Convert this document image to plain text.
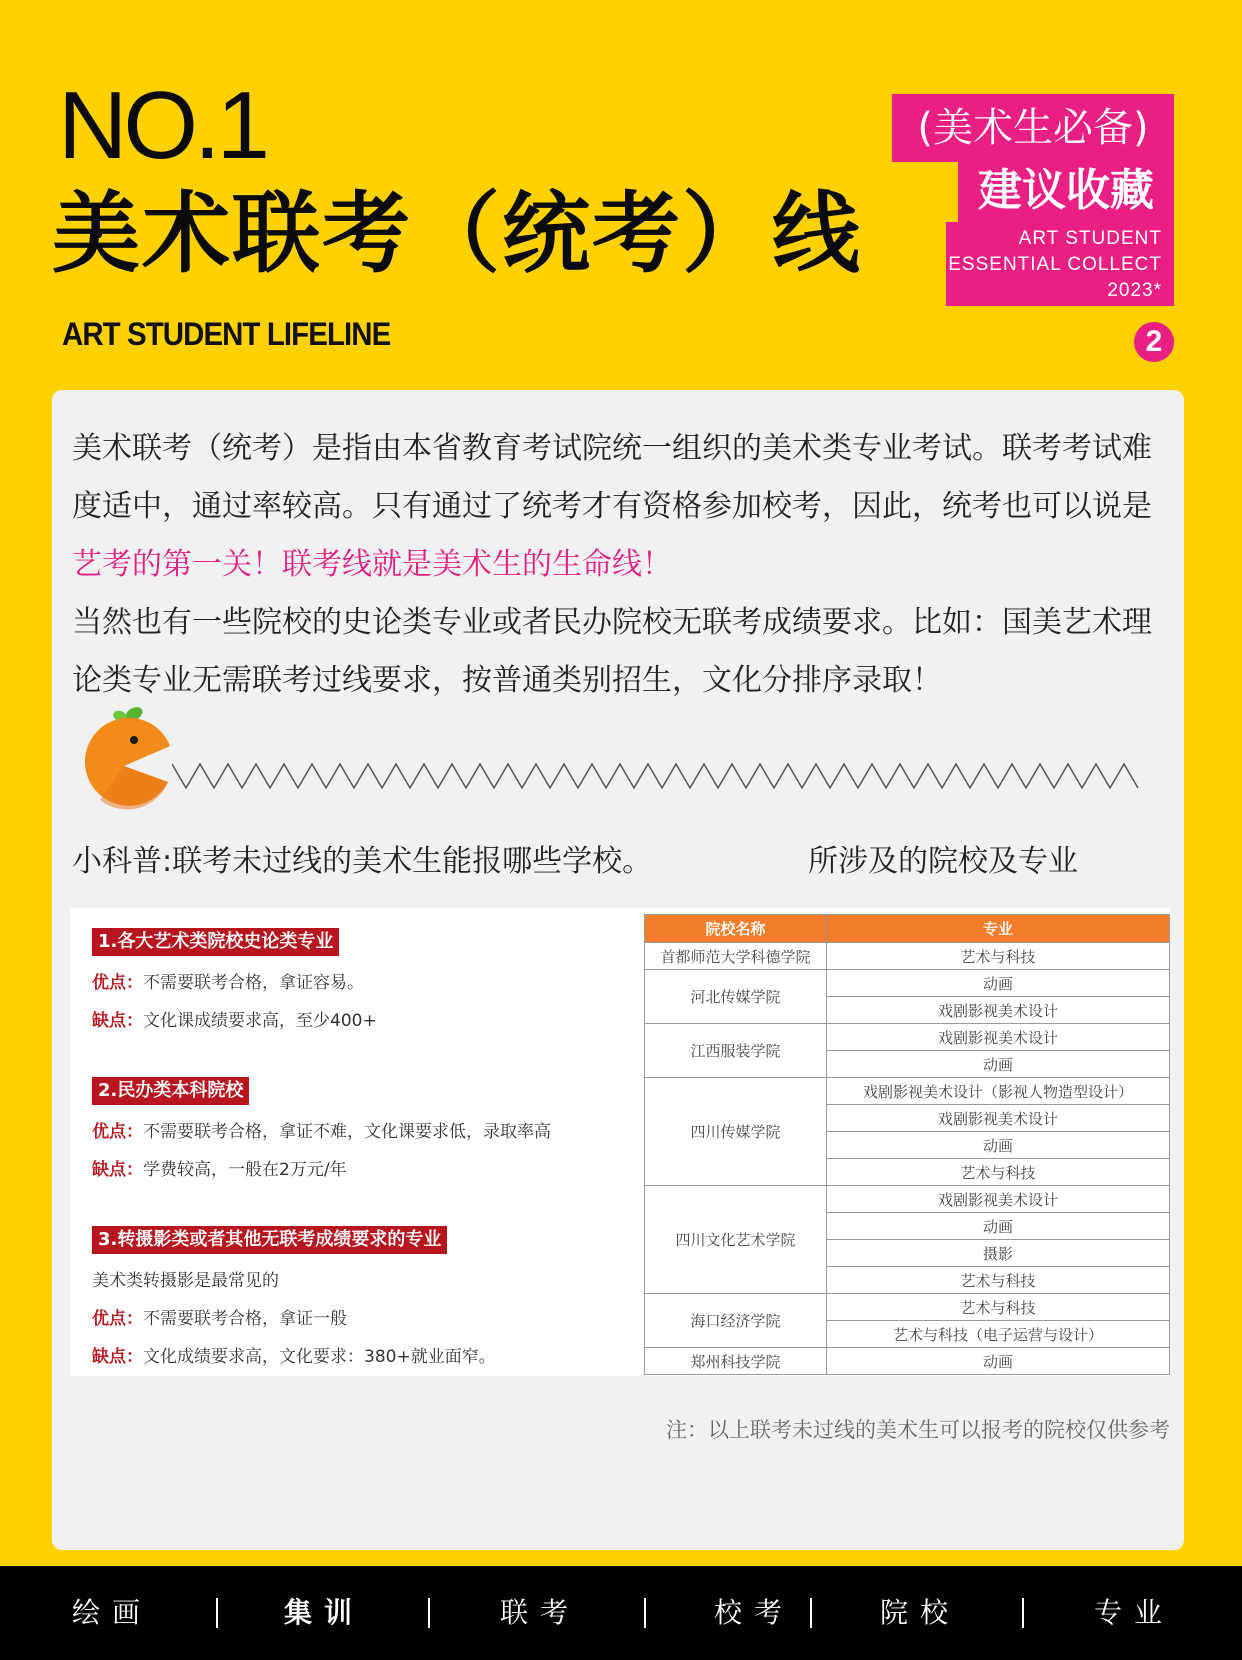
NO.1
美术联考（统考）线
ART STUDENT LIFELINE
(美术生必备)
建议收藏
ART STUDENT
ESSENTIAL COLLECT
2023*
2
美术联考（统考）是指由本省教育考试院统一组织的美术类专业考试。联考考试难度适中，通过率较高。只有通过了统考才有资格参加校考，因此，统考也可以说是艺考的第一关！联考线就是美术生的生命线！
当然也有一些院校的史论类专业或者民办院校无联考成绩要求。比如：国美艺术理论类专业无需联考过线要求，按普通类别招生，文化分排序录取！
小科普:联考未过线的美术生能报哪些学校。	所涉及的院校及专业
1.各大艺术类院校史论类专业
优点：不需要联考合格，拿证容易。
缺点：文化课成绩要求高，至少400+
2.民办类本科院校
优点：不需要联考合格，拿证不难，文化课要求低，录取率高
缺点：学费较高，一般在2万元/年
3.转摄影类或者其他无联考成绩要求的专业
美术类转摄影是最常见的
优点：不需要联考合格，拿证一般
缺点：文化成绩要求高，文化要求：380+就业面窄。
院校名称	专业
首都师范大学科德学院	艺术与科技
河北传媒学院	动画
	戏剧影视美术设计
江西服装学院	戏剧影视美术设计
	动画
四川传媒学院	戏剧影视美术设计（影视人物造型设计）
	戏剧影视美术设计
	动画
	艺术与科技
四川文化艺术学院	戏剧影视美术设计
	动画
	摄影
	艺术与科技
海口经济学院	艺术与科技
	艺术与科技（电子运营与设计）
郑州科技学院	动画
注：以上联考未过线的美术生可以报考的院校仅供参考
绘画	集训	联考	校考	院校	专业
